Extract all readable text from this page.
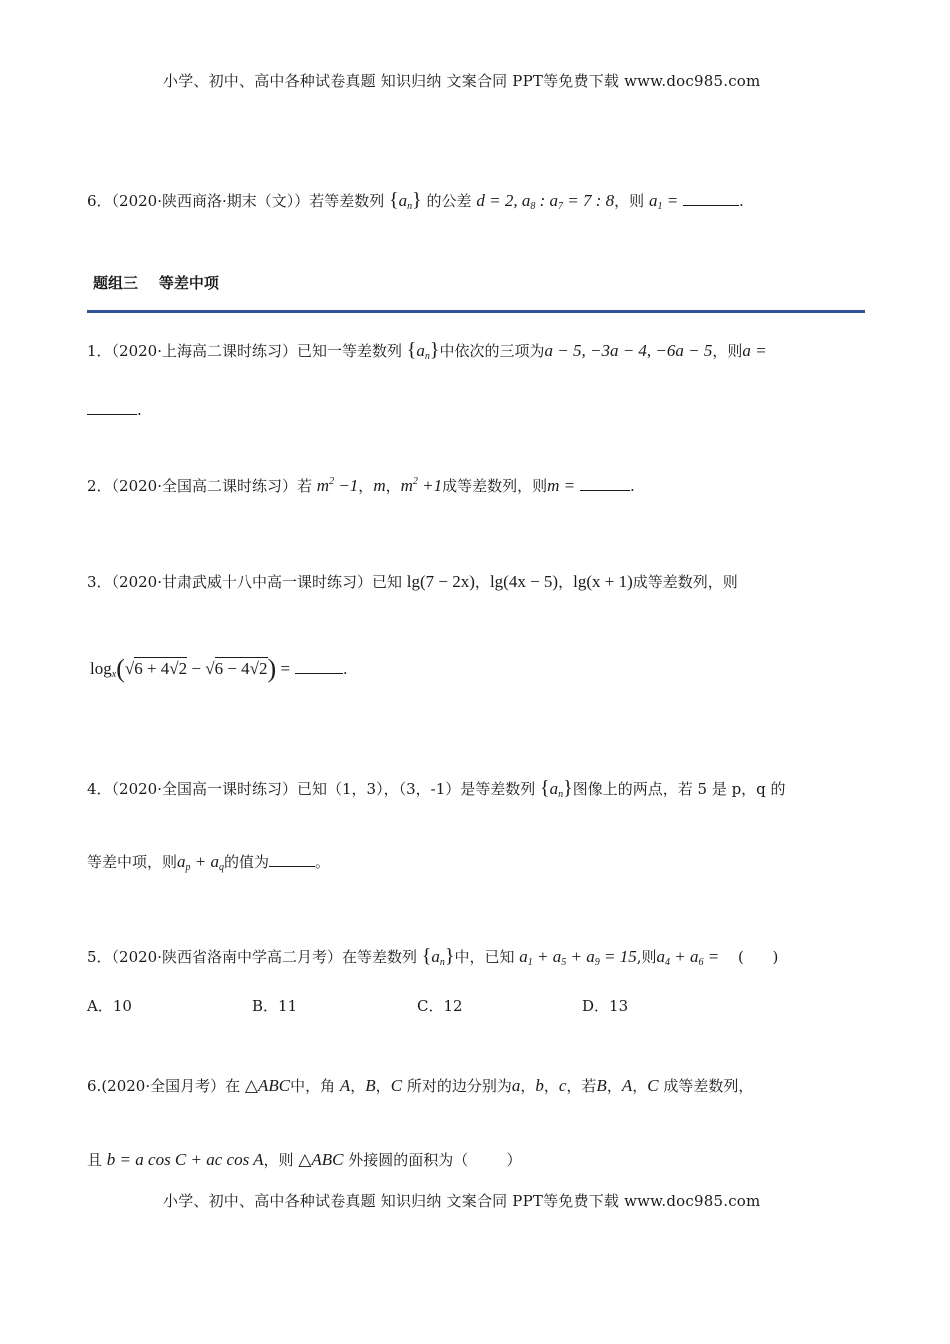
小学、初中、高中各种试卷真题 知识归纳 文案合同 PPT等免费下载 www.doc985.com
6．（2020·陕西商洛·期末（文））若等差数列 {an} 的公差 d = 2, a8 : a7 = 7 : 8，则 a1 =	.
题组三    等差中项
1．（2020·上海高二课时练习）已知一等差数列 {an}中依次的三项为a − 5, −3a − 4, −6a − 5，则a =
.
2．（2020·全国高二课时练习）若 $m^2 -1$，m，$m^2 +1$成等差数列，则m =	.
3．（2020·甘肃武威十八中高一课时练习）已知 lg(7 − 2x)，lg(4x − 5)，lg(x + 1)成等差数列，则
logx(√6 + 4√2 − √6 − 4√2) =	.
4．（2020·全国高一课时练习）已知（1，3），（3，-1）是等差数列 {an}图像上的两点，若 5 是 p，q 的
等差中项，则ap + aq的值为	。
5．（2020·陕西省洛南中学高二月考）在等差数列 {an}中，已知 a1 + a5 + a9 = 15,则a4 + a6 = (      )
A．10	B．11	C．12	D．13
6.(2020·全国月考）在 △ABC中，角 A，B，C 所对的边分别为a，b，c，若B，A，C 成等差数列，
且 b = a cos C + ac cos A，则 △ABC 外接圆的面积为（        ）
小学、初中、高中各种试卷真题 知识归纳 文案合同 PPT等免费下载 www.doc985.com
